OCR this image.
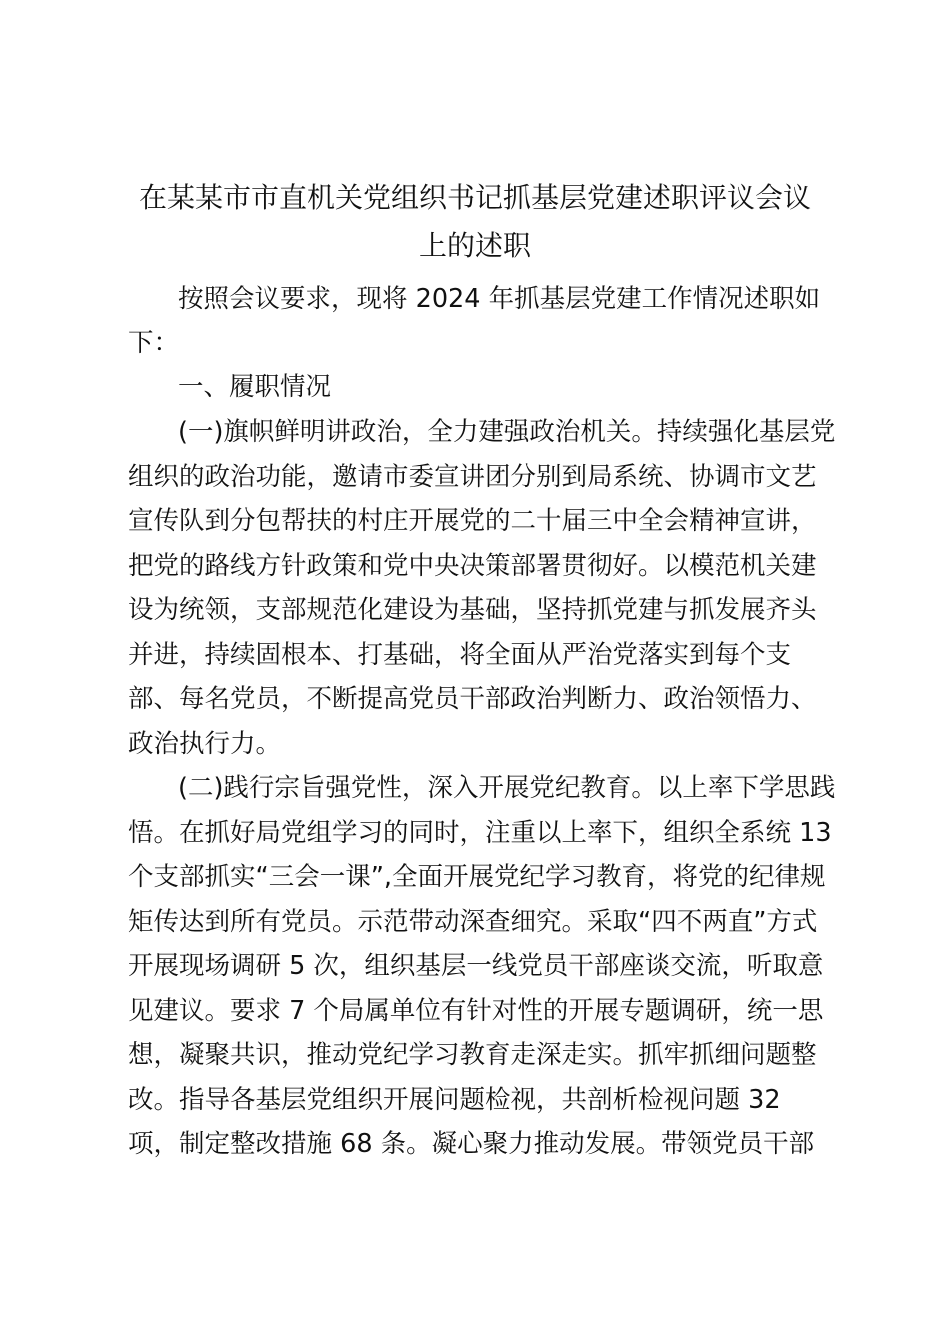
在某某市市直机关党组织书记抓基层党建述职评议会议
上的述职
按照会议要求，现将 2024 年抓基层党建工作情况述职如
下：
一、履职情况
(一)旗帜鲜明讲政治，全力建强政治机关。持续强化基层党
组织的政治功能，邀请市委宣讲团分别到局系统、协调市文艺
宣传队到分包帮扶的村庄开展党的二十届三中全会精神宣讲，
把党的路线方针政策和党中央决策部署贯彻好。以模范机关建
设为统领，支部规范化建设为基础，坚持抓党建与抓发展齐头
并进，持续固根本、打基础，将全面从严治党落实到每个支
部、每名党员，不断提高党员干部政治判断力、政治领悟力、
政治执行力。
(二)践行宗旨强党性，深入开展党纪教育。以上率下学思践
悟。在抓好局党组学习的同时，注重以上率下，组织全系统 13
个支部抓实“三会一课”,全面开展党纪学习教育，将党的纪律规
矩传达到所有党员。示范带动深查细究。采取“四不两直”方式
开展现场调研 5 次，组织基层一线党员干部座谈交流，听取意
见建议。要求 7 个局属单位有针对性的开展专题调研，统一思
想，凝聚共识，推动党纪学习教育走深走实。抓牢抓细问题整
改。指导各基层党组织开展问题检视，共剖析检视问题 32
项，制定整改措施 68 条。凝心聚力推动发展。带领党员干部
